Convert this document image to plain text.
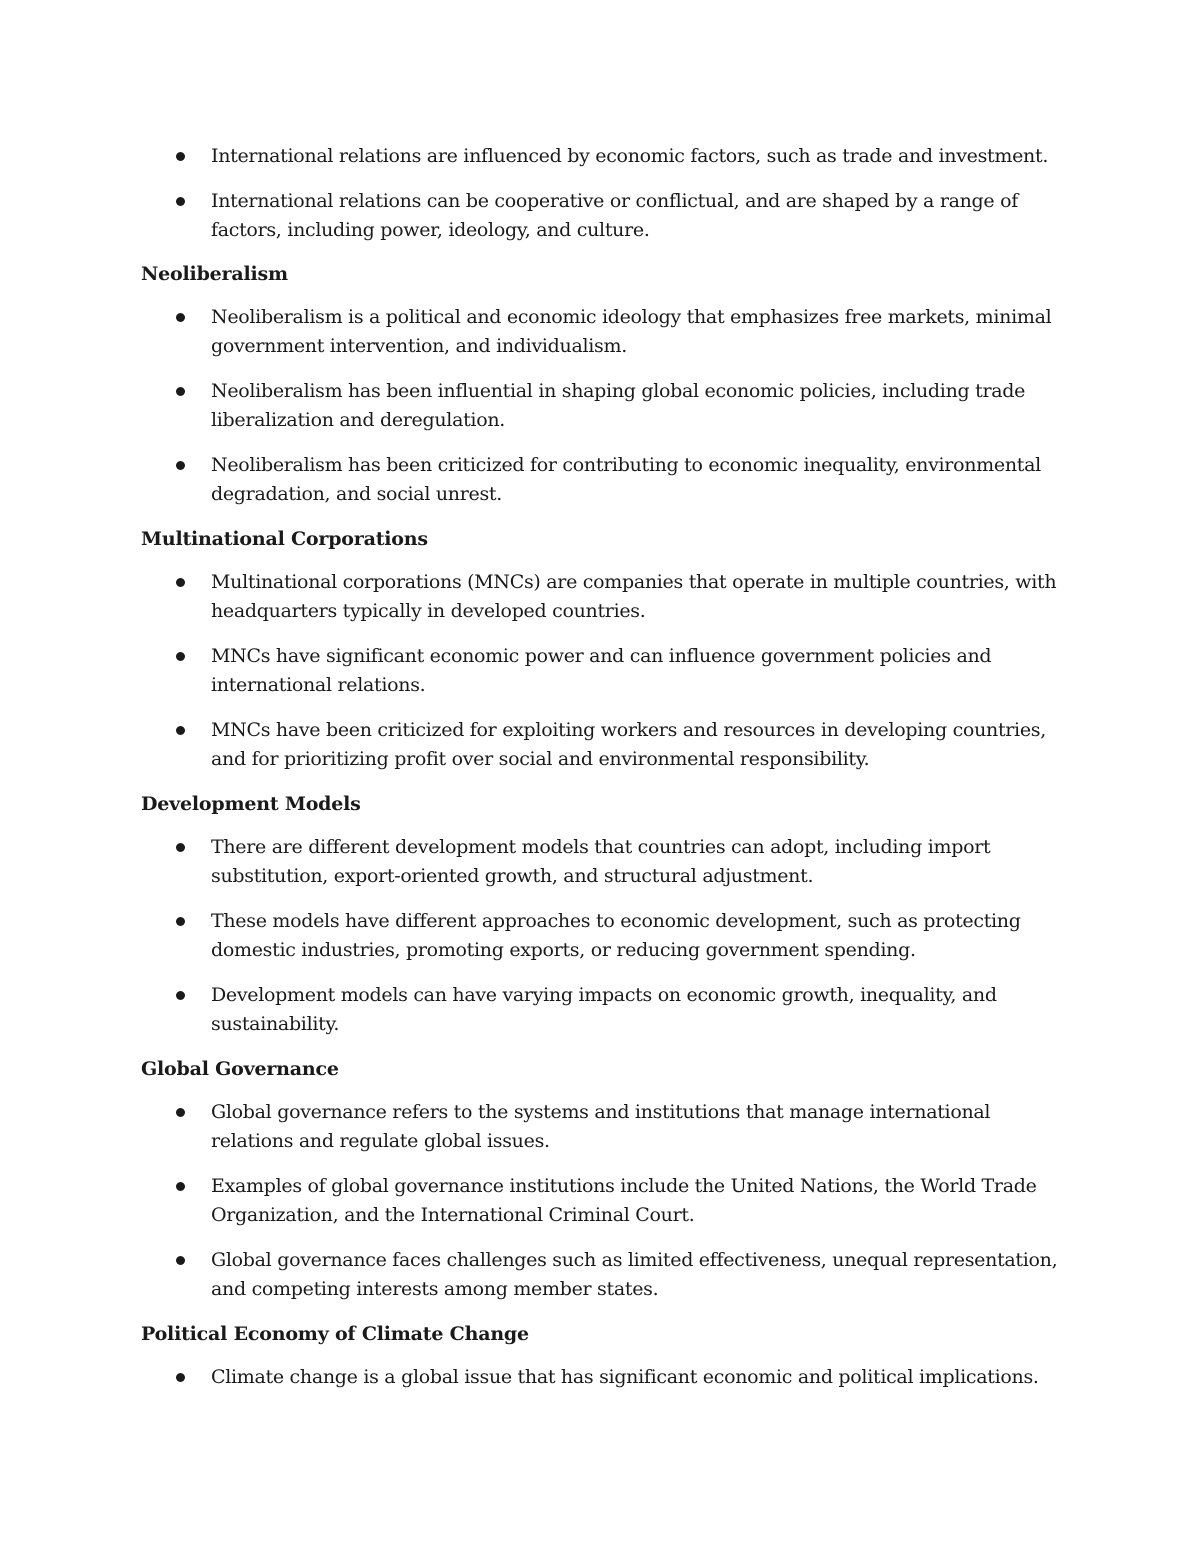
International relations are influenced by economic factors, such as trade and investment.
International relations can be cooperative or conflictual, and are shaped by a range of factors, including power, ideology, and culture.
Neoliberalism
Neoliberalism is a political and economic ideology that emphasizes free markets, minimal government intervention, and individualism.
Neoliberalism has been influential in shaping global economic policies, including trade liberalization and deregulation.
Neoliberalism has been criticized for contributing to economic inequality, environmental degradation, and social unrest.
Multinational Corporations
Multinational corporations (MNCs) are companies that operate in multiple countries, with headquarters typically in developed countries.
MNCs have significant economic power and can influence government policies and international relations.
MNCs have been criticized for exploiting workers and resources in developing countries, and for prioritizing profit over social and environmental responsibility.
Development Models
There are different development models that countries can adopt, including import substitution, export-oriented growth, and structural adjustment.
These models have different approaches to economic development, such as protecting domestic industries, promoting exports, or reducing government spending.
Development models can have varying impacts on economic growth, inequality, and sustainability.
Global Governance
Global governance refers to the systems and institutions that manage international relations and regulate global issues.
Examples of global governance institutions include the United Nations, the World Trade Organization, and the International Criminal Court.
Global governance faces challenges such as limited effectiveness, unequal representation, and competing interests among member states.
Political Economy of Climate Change
Climate change is a global issue that has significant economic and political implications.
